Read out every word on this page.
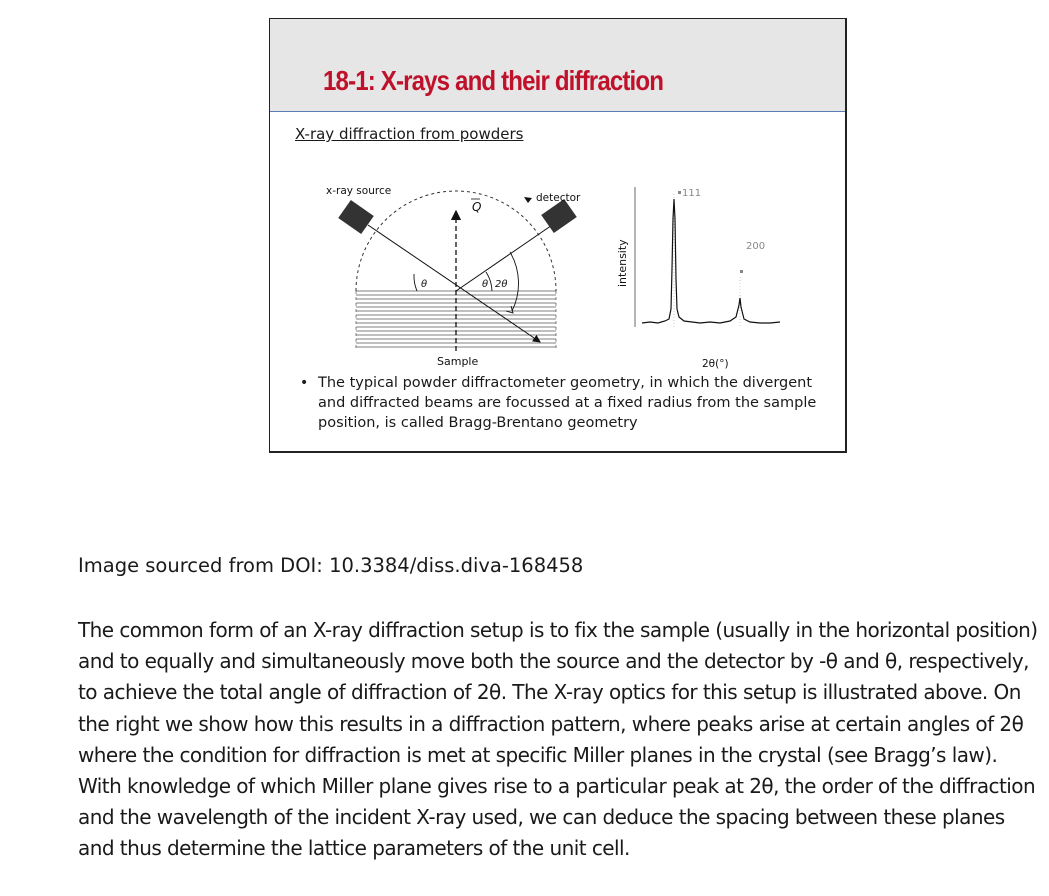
18-1: X-rays and their diffraction
X-ray diffraction from powders
Q
x-ray source
detector
θ	θ 2θ
Sample
intensity
111
200
2θ(°)
• The typical powder diffractometer geometry, in which the divergent and diffracted beams are focussed at a fixed radius from the sample position, is called Bragg-Brentano geometry
Image sourced from DOI: 10.3384/diss.diva-168458
The common form of an X-ray diffraction setup is to fix the sample (usually in the horizontal position) and to equally and simultaneously move both the source and the detector by -θ and θ, respectively, to achieve the total angle of diffraction of 2θ. The X-ray optics for this setup is illustrated above. On the right we show how this results in a diffraction pattern, where peaks arise at certain angles of 2θ where the condition for diffraction is met at specific Miller planes in the crystal (see Bragg’s law). With knowledge of which Miller plane gives rise to a particular peak at 2θ, the order of the diffraction and the wavelength of the incident X-ray used, we can deduce the spacing between these planes and thus determine the lattice parameters of the unit cell.
